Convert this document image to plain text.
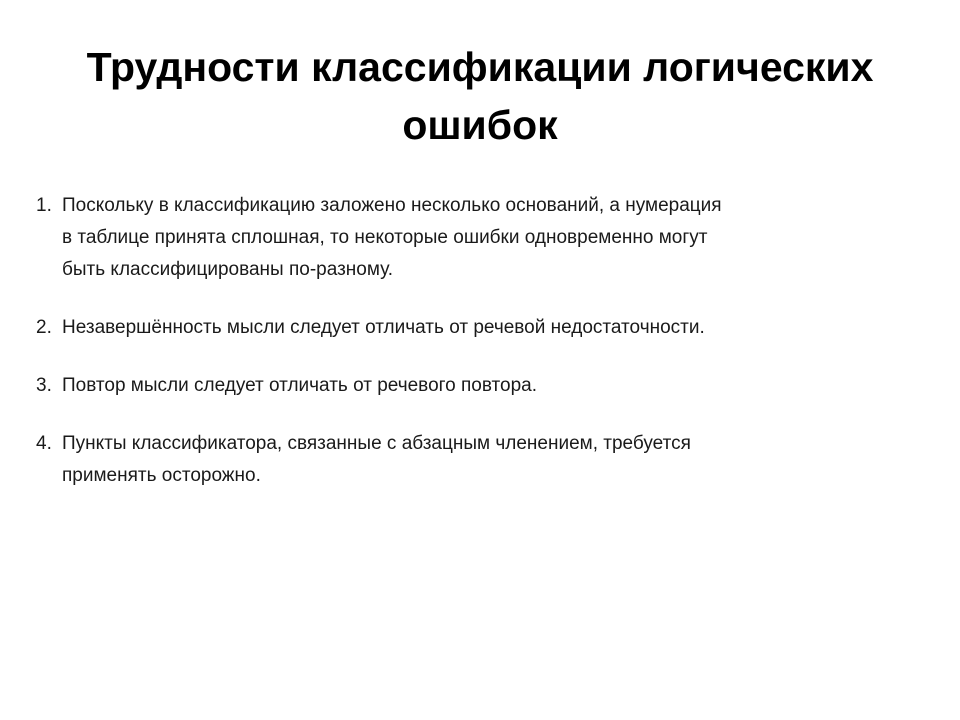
Трудности классификации логических
ошибок
1. Поскольку в классификацию заложено несколько оснований, а нумерация
в таблице принята сплошная, то некоторые ошибки одновременно могут
быть классифицированы по-разному.
2. Незавершённость мысли следует отличать от речевой недостаточности.
3. Повтор мысли следует отличать от речевого повтора.
4. Пункты классификатора, связанные с абзацным членением, требуется
применять осторожно.
